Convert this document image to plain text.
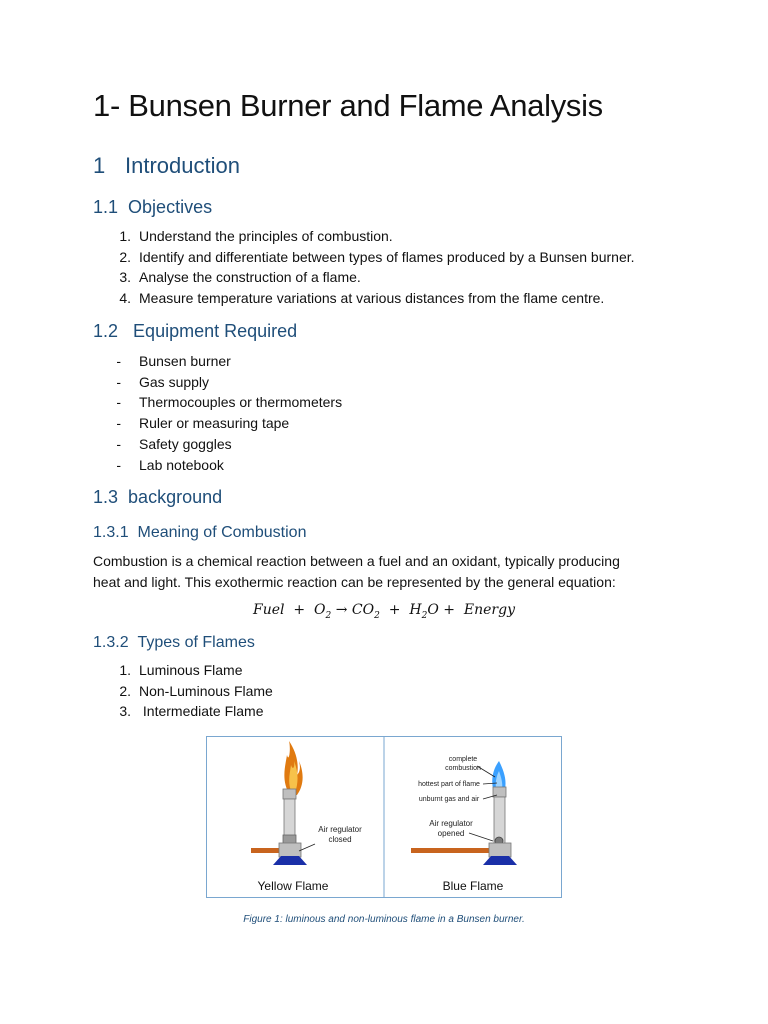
1- Bunsen Burner and Flame Analysis
1 Introduction
1.1 Objectives
1. Understand the principles of combustion.
2. Identify and differentiate between types of flames produced by a Bunsen burner.
3. Analyse the construction of a flame.
4. Measure temperature variations at various distances from the flame centre.
1.2 Equipment Required
- Bunsen burner
- Gas supply
- Thermocouples or thermometers
- Ruler or measuring tape
- Safety goggles
- Lab notebook
1.3 background
1.3.1 Meaning of Combustion
Combustion is a chemical reaction between a fuel and an oxidant, typically producing
heat and light. This exothermic reaction can be represented by the general equation:
Fuel + $O_2 \to CO_2 + H_2O$ + Energy
1.3.2 Types of Flames
1. Luminous Flame
2. Non-Luminous Flame
3. Intermediate Flame
Air regulator
closed
Yellow Flame
complete
combustion
hottest part of flame
unburnt gas and air
Air regulator
opened
Blue Flame
Figure 1: luminous and non-luminous flame in a Bunsen burner.
